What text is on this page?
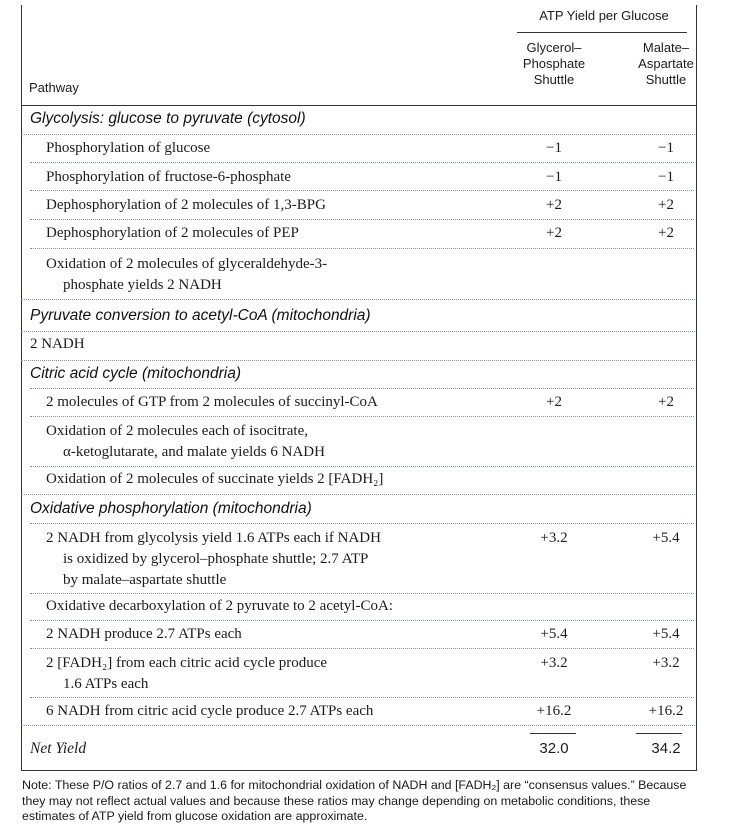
ATP Yield per Glucose
Glycerol–
Phosphate
Shuttle
Malate–
Aspartate
Shuttle
Pathway
Glycolysis: glucose to pyruvate (cytosol)
Phosphorylation of glucose	−1	−1
Phosphorylation of fructose-6-phosphate	−1	−1
Dephosphorylation of 2 molecules of 1,3-BPG	+2	+2
Dephosphorylation of 2 molecules of PEP	+2	+2
Oxidation of 2 molecules of glyceraldehyde-3-
phosphate yields 2 NADH
Pyruvate conversion to acetyl-CoA (mitochondria)
2 NADH
Citric acid cycle (mitochondria)
2 molecules of GTP from 2 molecules of succinyl-CoA	+2	+2
Oxidation of 2 molecules each of isocitrate,
α-ketoglutarate, and malate yields 6 NADH
Oxidation of 2 molecules of succinate yields 2 [FADH₂]
Oxidative phosphorylation (mitochondria)
2 NADH from glycolysis yield 1.6 ATPs each if NADH
is oxidized by glycerol–phosphate shuttle; 2.7 ATP
by malate–aspartate shuttle
+3.2	+5.4
Oxidative decarboxylation of 2 pyruvate to 2 acetyl-CoA:
2 NADH produce 2.7 ATPs each	+5.4	+5.4
2 [FADH₂] from each citric acid cycle produce
1.6 ATPs each
+3.2	+3.2
6 NADH from citric acid cycle produce 2.7 ATPs each	+16.2	+16.2
Net Yield	32.0	34.2
Note: These P/O ratios of 2.7 and 1.6 for mitochondrial oxidation of NADH and [FADH₂] are “consensus values.” Because they may not reflect actual values and because these ratios may change depending on metabolic conditions, these estimates of ATP yield from glucose oxidation are approximate.
